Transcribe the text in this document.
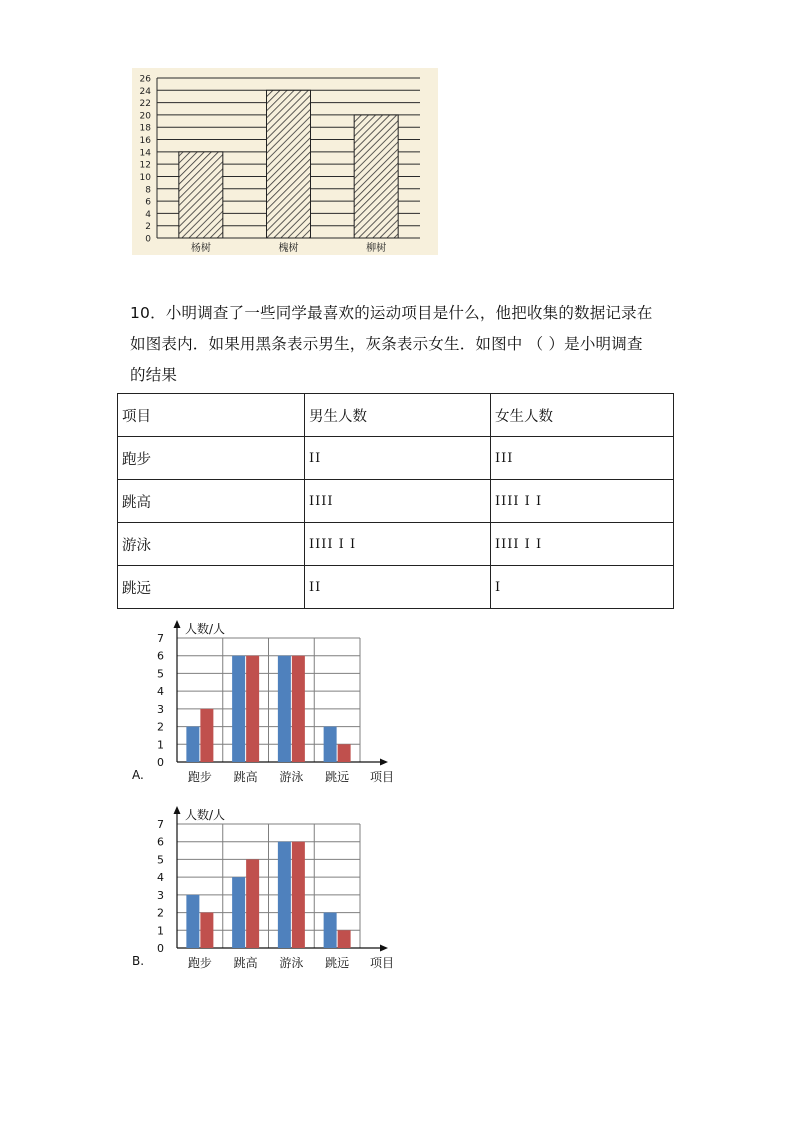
0
2
4
6
8
10
12
14
16
18
20
22
24
26
杨树	槐树	柳树
10．小明调查了一些同学最喜欢的运动项目是什么，他把收集的数据记录在
如图表内．如果用黑条表示男生，灰条表示女生．如图中 （ ）是小明调查
的结果
项目	男生人数	女生人数
跑步	II	III
跳高	IIII	IIII I I
游泳	IIII I I	IIII I I
跳远	II	I
0
1
2
3
4
5
6
7
人数/人
项目
A.	跑步 跳高 游泳 跳远
0
1
2
3
4
5
6
7
人数/人
项目
B.	跑步 跳高 游泳 跳远
